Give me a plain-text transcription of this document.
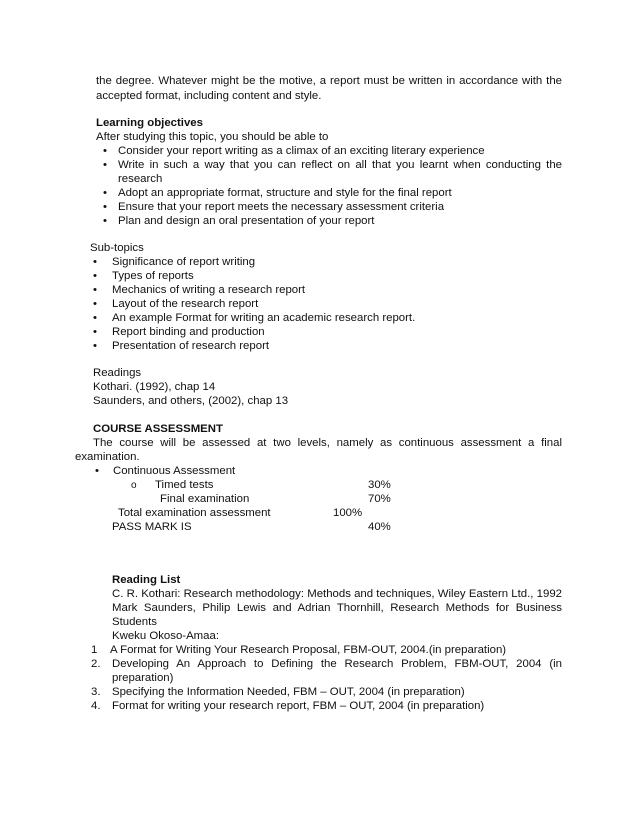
the degree. Whatever might be the motive, a report must be written in accordance with the
accepted format, including content and style.
Learning objectives
After studying this topic, you should be able to
• Consider your report writing as a climax of an exciting literary experience
• Write in such a way that you can reflect on all that you learnt when conducting the
research
• Adopt an appropriate format, structure and style for the final report
• Ensure that your report meets the necessary assessment criteria
• Plan and design an oral presentation of your report
Sub-topics
•	Significance of report writing
•	Types of reports
•	Mechanics of writing a research report
•	Layout of the research report
•	An example Format for writing an academic research report.
•	Report binding and production
•	Presentation of research report
Readings
Kothari. (1992), chap 14
Saunders, and others, (2002), chap 13
COURSE ASSESSMENT
The course will be assessed at two levels, namely as continuous assessment a final
examination.
•	Continuous Assessment
o Timed tests	30%
Final examination	70%
Total examination assessment	100%
PASS MARK IS	40%
Reading List
C. R. Kothari: Research methodology: Methods and techniques, Wiley Eastern Ltd., 1992
Mark Saunders, Philip Lewis and Adrian Thornhill, Research Methods for Business
Students
Kweku Okoso-Amaa:
1 A Format for Writing Your Research Proposal, FBM-OUT, 2004.(in preparation)
2. Developing An Approach to Defining the Research Problem, FBM-OUT, 2004 (in
preparation)
3. Specifying the Information Needed, FBM – OUT, 2004 (in preparation)
4. Format for writing your research report, FBM – OUT, 2004 (in preparation)
